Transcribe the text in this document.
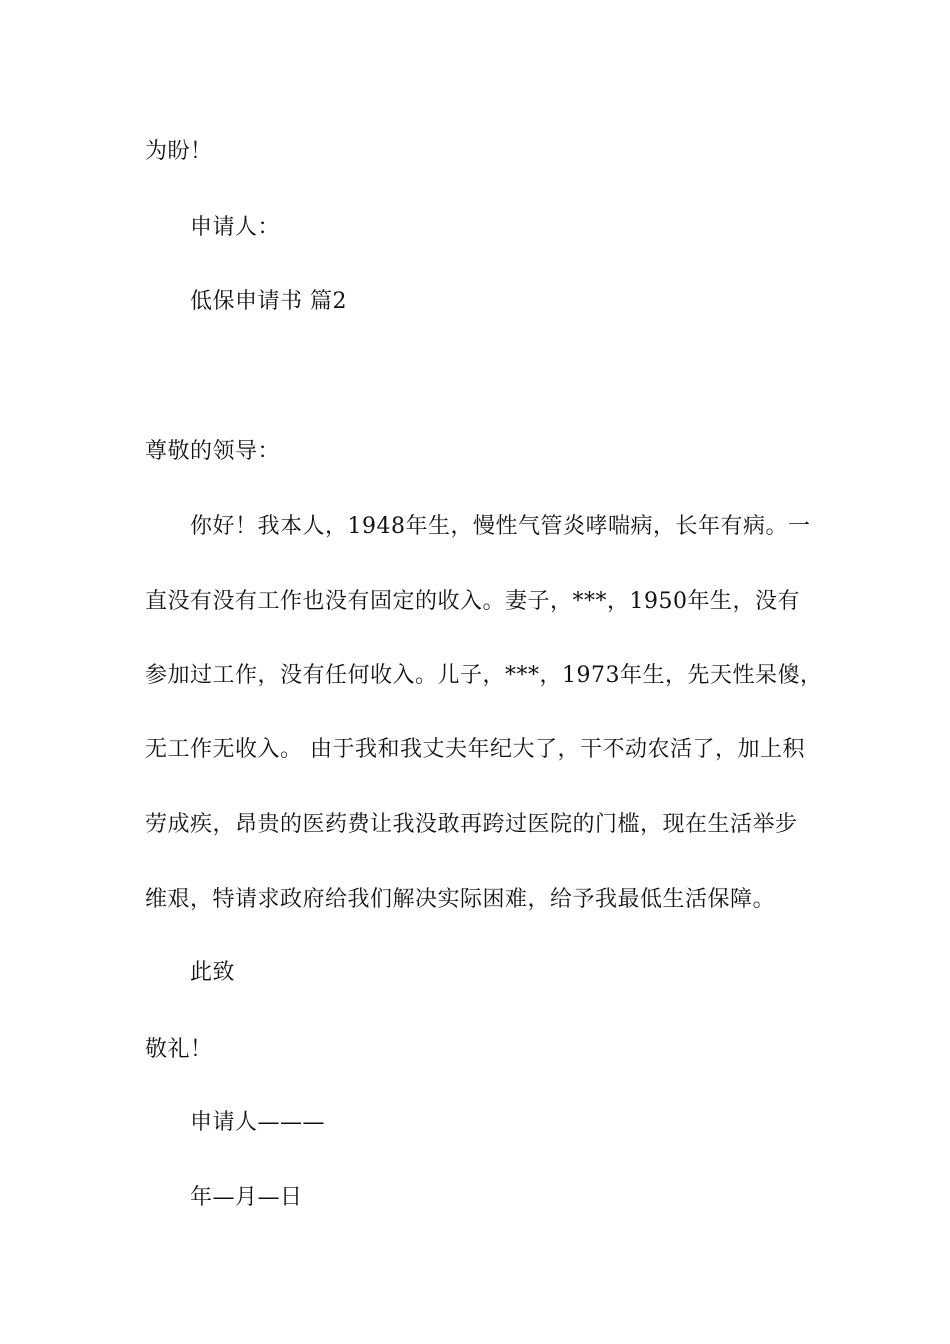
为盼！
申请人：
低保申请书 篇2
尊敬的领导：
你好！我本人，1948年生，慢性气管炎哮喘病，长年有病。一
直没有没有工作也没有固定的收入。妻子，***，1950年生，没有
参加过工作，没有任何收入。儿子，***，1973年生，先天性呆傻，
无工作无收入。 由于我和我丈夫年纪大了，干不动农活了，加上积
劳成疾，昂贵的医药费让我没敢再跨过医院的门槛，现在生活举步
维艰，特请求政府给我们解决实际困难，给予我最低生活保障。
此致
敬礼！
申请人———
年—月—日
